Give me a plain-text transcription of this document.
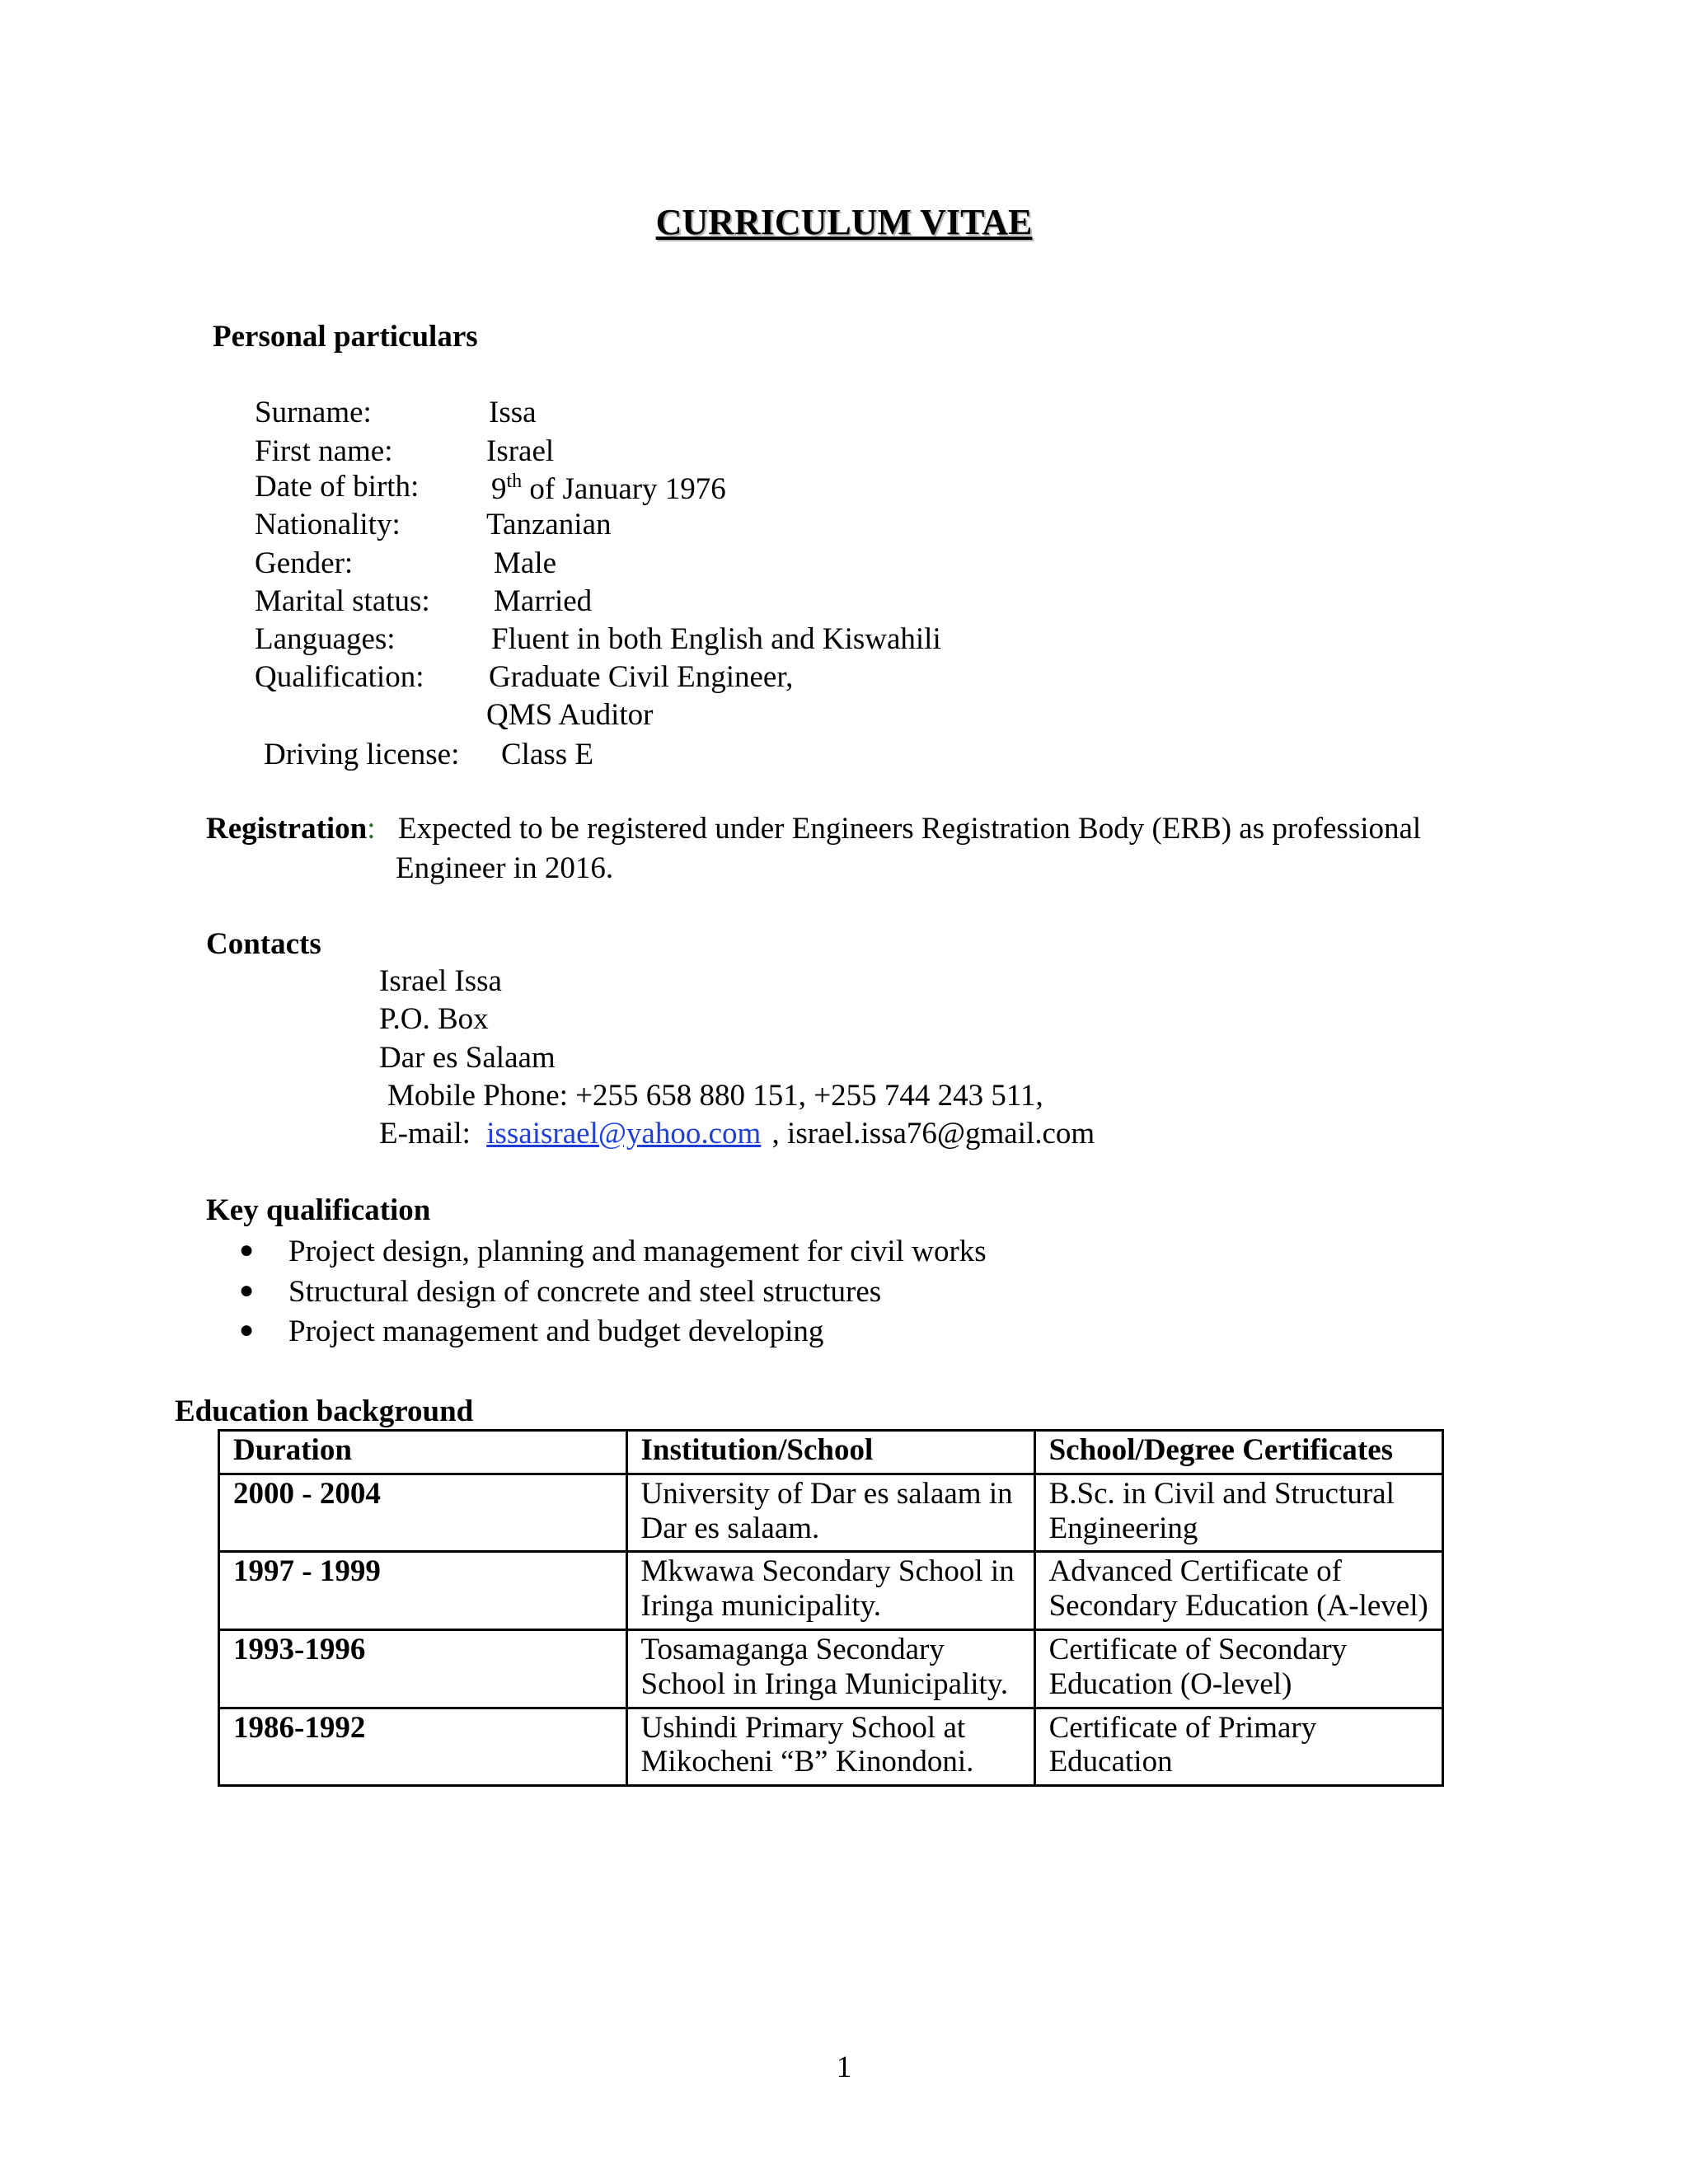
CURRICULUM VITAE
Personal particulars
Surname:	Issa
First name:	Israel
Date of birth: 9th of January 1976
Nationality:	Tanzanian
Gender:	Male
Marital status: Married
Languages:	Fluent in both English and Kiswahili
Qualification: Graduate Civil Engineer,
QMS Auditor
Driving license: Class E
Registration: Expected to be registered under Engineers Registration Body (ERB) as professional
Engineer in 2016.
Contacts
Israel Issa
P.O. Box
Dar es Salaam
Mobile Phone: +255 658 880 151, +255 744 243 511,
E-mail: issaisrael@yahoo.com , israel.issa76@gmail.com
Key qualification
● Project design, planning and management for civil works
● Structural design of concrete and steel structures
● Project management and budget developing
Education background
Duration	Institution/School	School/Degree Certificates
2000 - 2004	University of Dar es salaam in Dar es salaam.	B.Sc. in Civil and Structural Engineering
1997 - 1999	Mkwawa Secondary School in Iringa municipality.	Advanced Certificate of Secondary Education (A-level)
1993-1996	Tosamaganga Secondary School in Iringa Municipality.	Certificate of Secondary Education (O-level)
1986-1992	Ushindi Primary School at Mikocheni “B” Kinondoni.	Certificate of Primary Education
1
